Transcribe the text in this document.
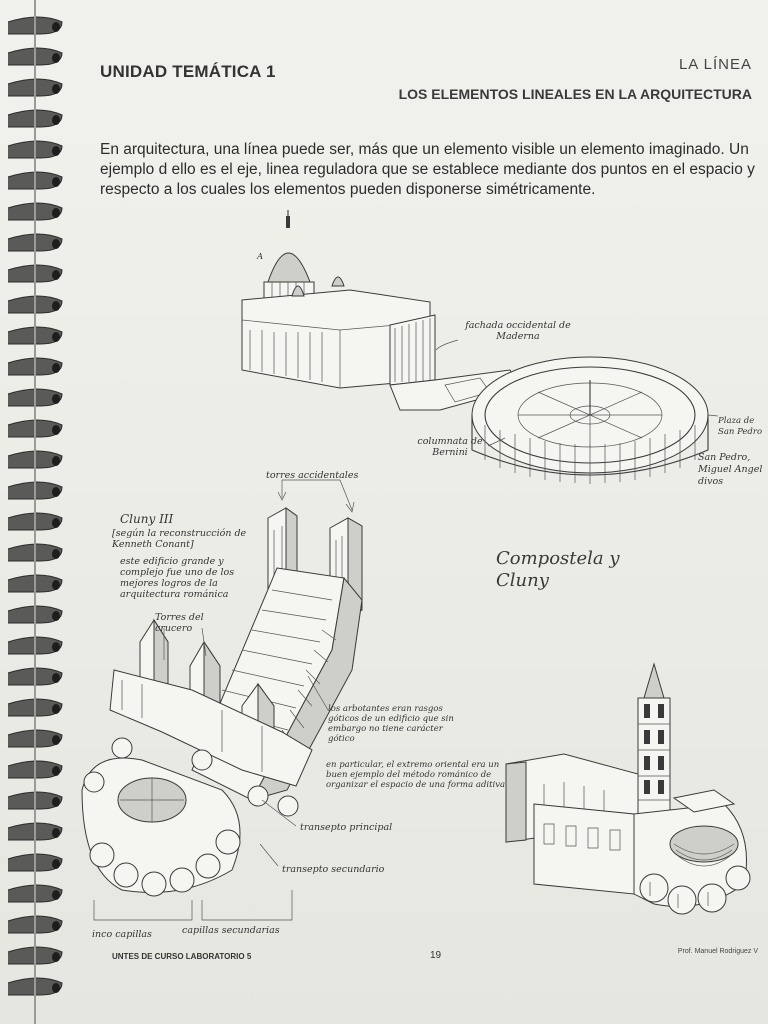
UNIDAD TEMÁTICA 1	LA LÍNEA
LOS ELEMENTOS LINEALES EN LA ARQUITECTURA
En arquitectura, una línea puede ser, más que un elemento visible un elemento imaginado. Un ejemplo d ello es el eje, linea reguladora que se establece mediante dos puntos en el espacio y respecto a los cuales los elementos pueden disponerse simétricamente.
A
fachada occidental de Maderna
Plaza de San Pedro
columnata de Bernini	San Pedro, Miguel Angel divos
torres accidentales
Cluny III
[según la reconstrucción de Kenneth Conant]
este edificio grande y complejo fue uno de los mejores logros de la arquitectura románica
Torres del crucero
los arbotantes eran rasgos góticos de un edificio que sin embargo no tiene carácter gótico
en particular, el extremo oriental era un buen ejemplo del método románico de organizar el espacio de una forma aditiva
transepto principal
transepto secundario
inco capillas	capillas secundarias
Compostela y Cluny
UNTES DE CURSO LABORATORIO 5	19	Prof. Manuel Rodriguez V
